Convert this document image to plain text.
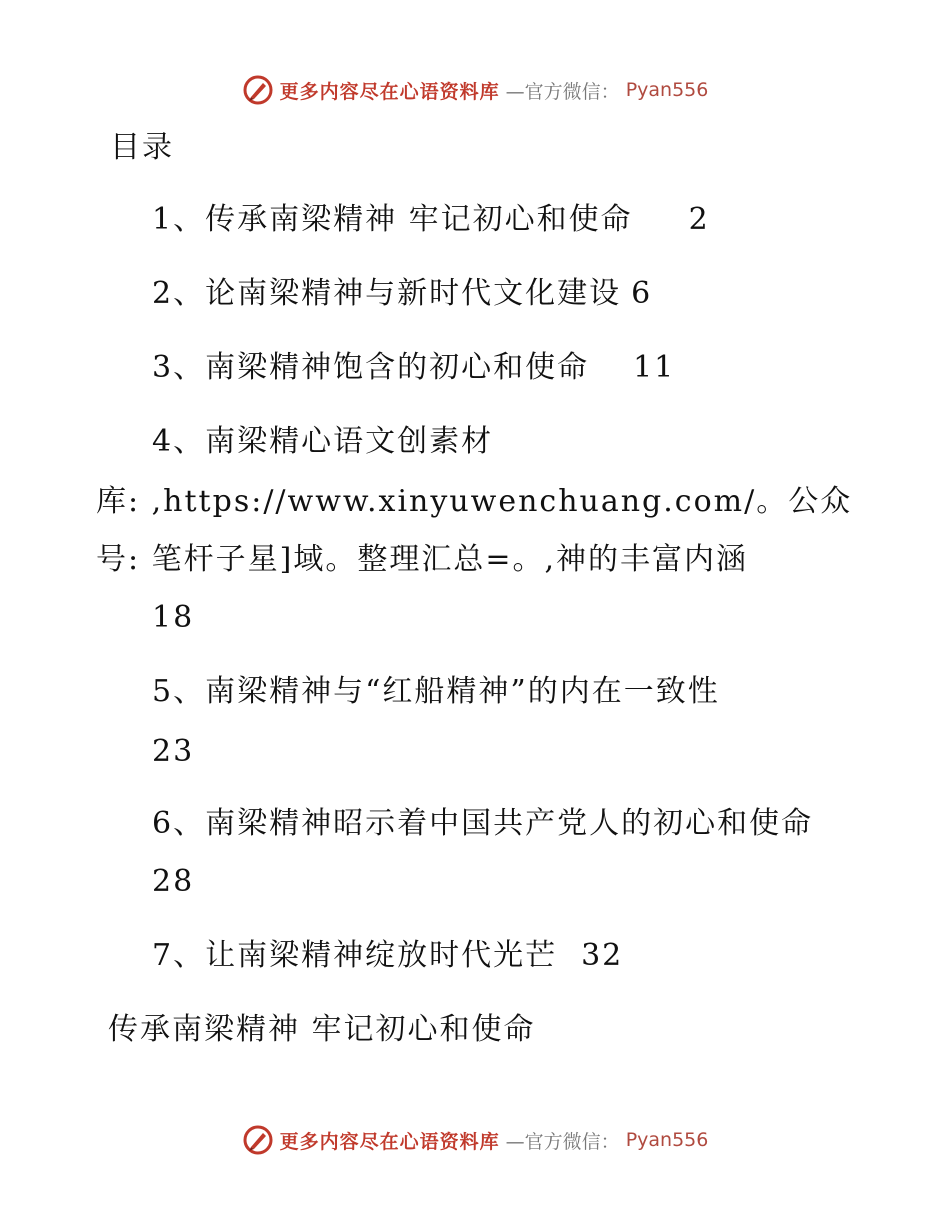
更多内容尽在心语资料库 —官方微信： Pyan556
目录
1、传承南梁精神 牢记初心和使命 2
2、论南梁精神与新时代文化建设 6
3、南梁精神饱含的初心和使命 11
4、南梁精心语文创素材
库: ,https://www.xinyuwenchuang.com/。公众
号: 笔杆子星]域。整理汇总=。,神的丰富内涵
18
5、南梁精神与“红船精神”的内在一致性
23
6、南梁精神昭示着中国共产党人的初心和使命
28
7、让南梁精神绽放时代光芒 32
传承南梁精神 牢记初心和使命
更多内容尽在心语资料库 —官方微信： Pyan556
